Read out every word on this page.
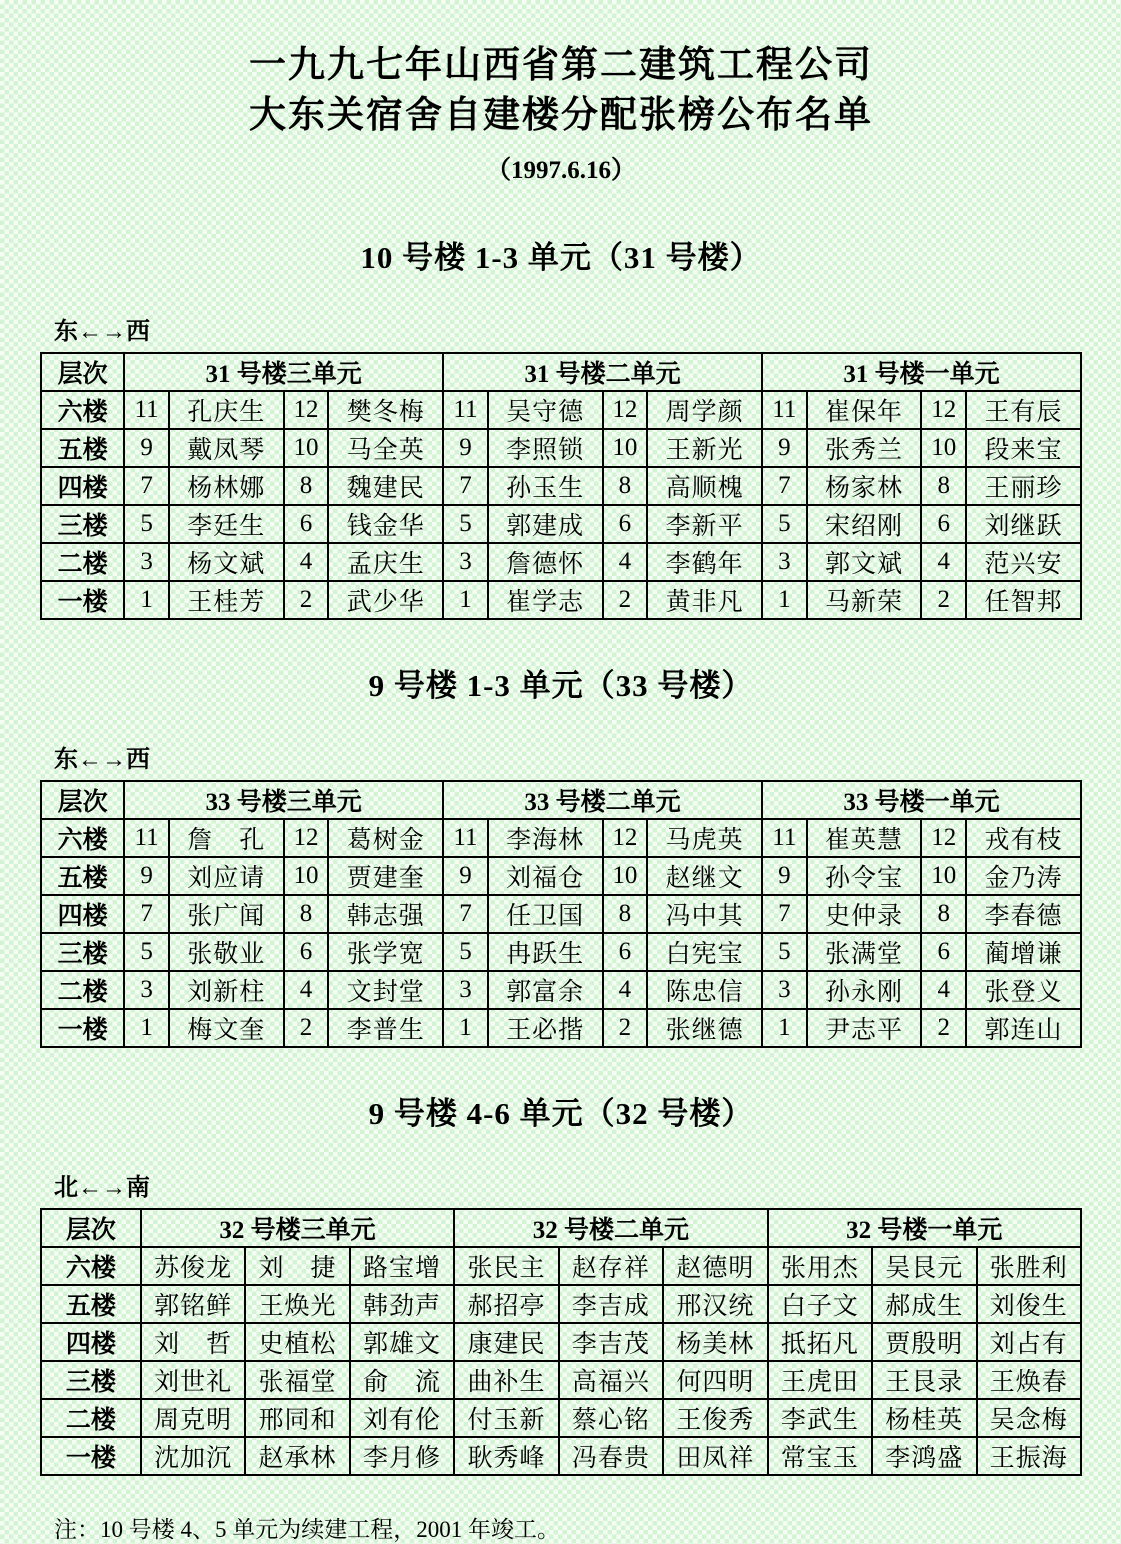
一九九七年山西省第二建筑工程公司
大东关宿舍自建楼分配张榜公布名单
（1997.6.16）
10 号楼 1-3 单元（31 号楼）
东←→西
层次	31 号楼三单元				31 号楼二单元				31 号楼一单元			
六楼	11	孔庆生	12	樊冬梅	11	吴守德	12	周学颜	11	崔保年	12	王有辰
五楼	9	戴凤琴	10	马全英	9	李照锁	10	王新光	9	张秀兰	10	段来宝
四楼	7	杨林娜	8	魏建民	7	孙玉生	8	高顺槐	7	杨家林	8	王丽珍
三楼	5	李廷生	6	钱金华	5	郭建成	6	李新平	5	宋绍刚	6	刘继跃
二楼	3	杨文斌	4	孟庆生	3	詹德怀	4	李鹤年	3	郭文斌	4	范兴安
一楼	1	王桂芳	2	武少华	1	崔学志	2	黄非凡	1	马新荣	2	任智邦
9 号楼 1-3 单元（33 号楼）
东←→西
层次	33 号楼三单元				33 号楼二单元				33 号楼一单元			
六楼	11	詹　孔	12	葛树金	11	李海林	12	马虎英	11	崔英慧	12	戎有枝
五楼	9	刘应请	10	贾建奎	9	刘福仓	10	赵继文	9	孙令宝	10	金乃涛
四楼	7	张广闻	8	韩志强	7	任卫国	8	冯中其	7	史仲录	8	李春德
三楼	5	张敬业	6	张学宽	5	冉跃生	6	白宪宝	5	张满堂	6	蔺增谦
二楼	3	刘新柱	4	文封堂	3	郭富余	4	陈忠信	3	孙永刚	4	张登义
一楼	1	梅文奎	2	李普生	1	王必揩	2	张继德	1	尹志平	2	郭连山
9 号楼 4-6 单元（32 号楼）
北←→南
层次	32 号楼三单元			32 号楼二单元			32 号楼一单元		
六楼	苏俊龙	刘　捷	路宝增	张民主	赵存祥	赵德明	张用杰	吴艮元	张胜利
五楼	郭铭鲜	王焕光	韩劲声	郝招亭	李吉成	邢汉统	白子文	郝成生	刘俊生
四楼	刘　哲	史植松	郭雄文	康建民	李吉茂	杨美林	抵拓凡	贾殷明	刘占有
三楼	刘世礼	张福堂	俞　流	曲补生	高福兴	何四明	王虎田	王艮录	王焕春
二楼	周克明	邢同和	刘有伦	付玉新	蔡心铭	王俊秀	李武生	杨桂英	吴念梅
一楼	沈加沉	赵承林	李月修	耿秀峰	冯春贵	田凤祥	常宝玉	李鸿盛	王振海
注：10 号楼 4、5 单元为续建工程，2001 年竣工。
